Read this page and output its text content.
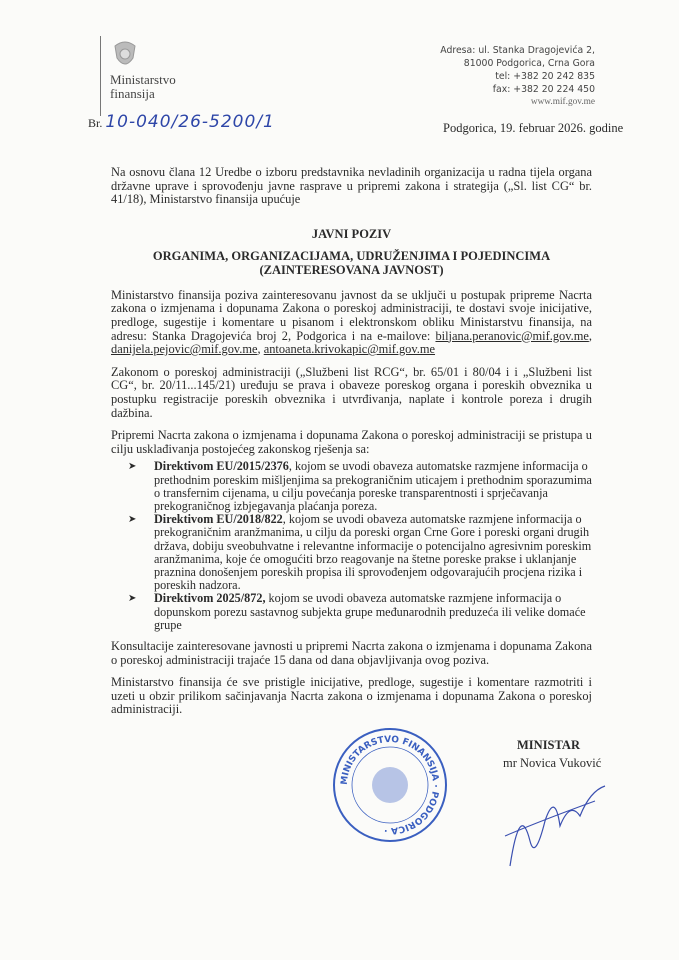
Ministarstvo
finansija
Adresa: ul. Stanka Dragojevića 2,
81000 Podgorica, Crna Gora
tel: +382 20 242 835
fax: +382 20 224 450
www.mif.gov.me
Br. 10-040/26-5200/1	Podgorica, 19. februar 2026. godine
Na osnovu člana 12 Uredbe o izboru predstavnika nevladinih organizacija u radna tijela organa državne uprave i sprovođenju javne rasprave u pripremi zakona i strategija („Sl. list CG“ br. 41/18), Ministarstvo finansija upućuje
JAVNI POZIV
ORGANIMA, ORGANIZACIJAMA, UDRUŽENJIMA I POJEDINCIMA (ZAINTERESOVANA JAVNOST)
Ministarstvo finansija poziva zainteresovanu javnost da se uključi u postupak pripreme Nacrta zakona o izmjenama i dopunama Zakona o poreskoj administraciji, te dostavi svoje inicijative, predloge, sugestije i komentare u pisanom i elektronskom obliku Ministarstvu finansija, na adresu: Stanka Dragojevića broj 2, Podgorica i na e-mailove: biljana.peranovic@mif.gov.me, danijela.pejovic@mif.gov.me, antoaneta.krivokapic@mif.gov.me
Zakonom o poreskoj administraciji („Službeni list RCG“, br. 65/01 i 80/04 i i „Službeni list CG“, br. 20/11...145/21) uređuju se prava i obaveze poreskog organa i poreskih obveznika u postupku registracije poreskih obveznika i utvrđivanja, naplate i kontrole poreza i drugih dažbina.
Pripremi Nacrta zakona o izmjenama i dopunama Zakona o poreskoj administraciji se pristupa u cilju usklađivanja postojećeg zakonskog rješenja sa:
➤ Direktivom EU/2015/2376, kojom se uvodi obaveza automatske razmjene informacija o prethodnim poreskim mišljenjima sa prekograničnim uticajem i prethodnim sporazumima o transfernim cijenama, u cilju povećanja poreske transparentnosti i sprječavanja prekograničnog izbjegavanja plaćanja poreza.
➤ Direktivom EU/2018/822, kojom se uvodi obaveza automatske razmjene informacija o prekograničnim aranžmanima, u cilju da poreski organ Crne Gore i poreski organi drugih država, dobiju sveobuhvatne i relevantne informacije o potencijalno agresivnim poreskim aranžmanima, koje će omogućiti brzo reagovanje na štetne poreske prakse i uklanjanje praznina donošenjem poreskih propisa ili sprovođenjem odgovarajućih procjena rizika i poreskih nadzora.
➤ Direktivom 2025/872, kojom se uvodi obaveza automatske razmjene informacija o dopunskom porezu sastavnog subjekta grupe međunarodnih preduzeća ili velike domaće grupe
Konsultacije zainteresovane javnosti u pripremi Nacrta zakona o izmjenama i dopunama Zakona o poreskoj administraciji trajaće 15 dana od dana objavljivanja ovog poziva.
Ministarstvo finansija će sve pristigle inicijative, predloge, sugestije i komentare razmotriti i uzeti u obzir prilikom sačinjavanja Nacrta zakona o izmjenama i dopunama Zakona o poreskoj administraciji.
MINISTARSTVO FINANSIJA · PODGORICA ·
MINISTAR
mr Novica Vuković
